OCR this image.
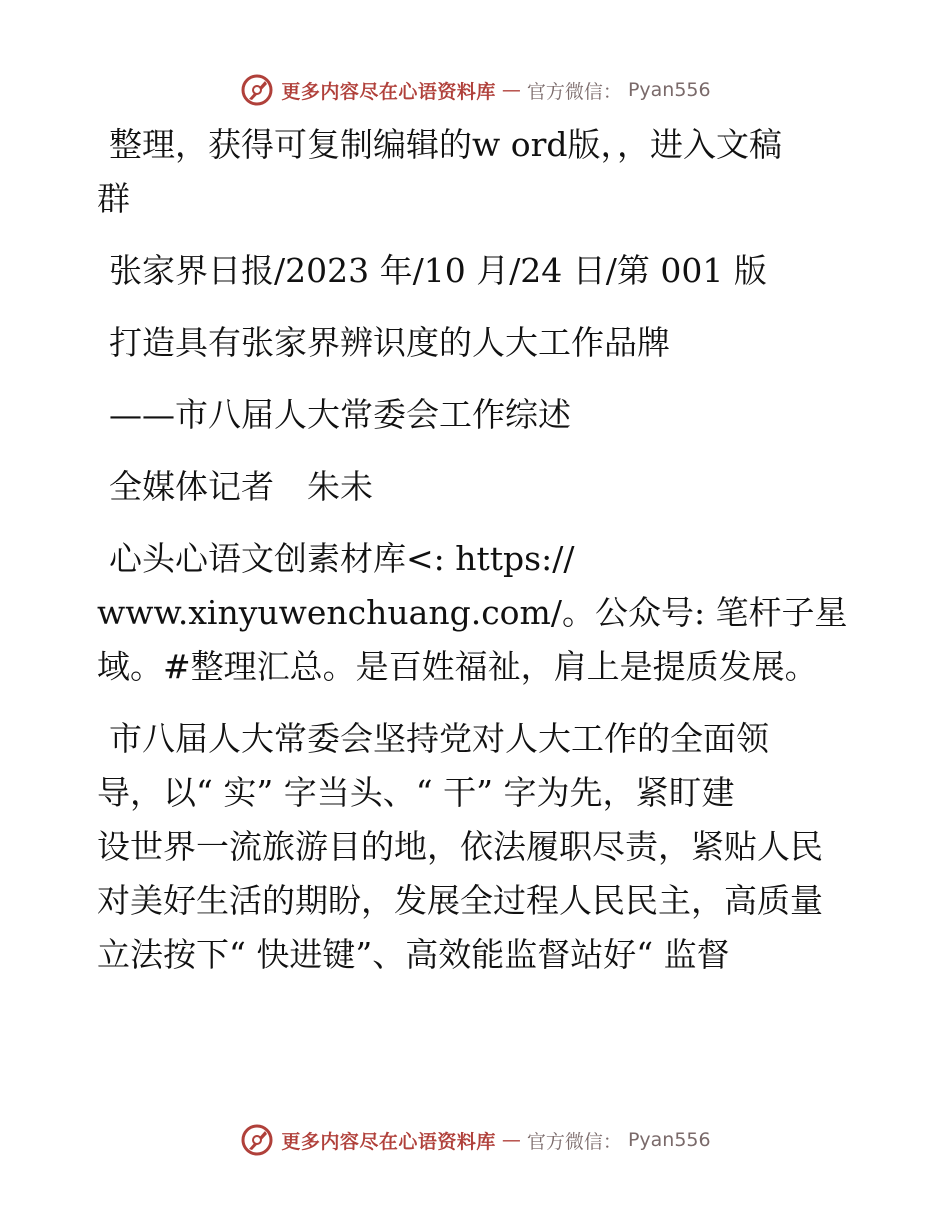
更多内容尽在心语资料库 — 官方微信： Pyan556

整理，获得可复制编辑的w ord版，，进入文稿

群

张家界日报/2023 年/10 月/24 日/第 001 版

打造具有张家界辨识度的人大工作品牌

——市八届人大常委会工作综述

全媒体记者　朱未

心头心语文创素材库<: https://

www.xinyuwenchuang.com/。公众号: 笔杆子星

域。#整理汇总。是百姓福祉，肩上是提质发展。

市八届人大常委会坚持党对人大工作的全面领

导，以“ 实” 字当头、“ 干” 字为先，紧盯建

设世界一流旅游目的地，依法履职尽责，紧贴人民

对美好生活的期盼，发展全过程人民民主，高质量

立法按下“ 快进键”、高效能监督站好“ 监督

更多内容尽在心语资料库 — 官方微信： Pyan556
